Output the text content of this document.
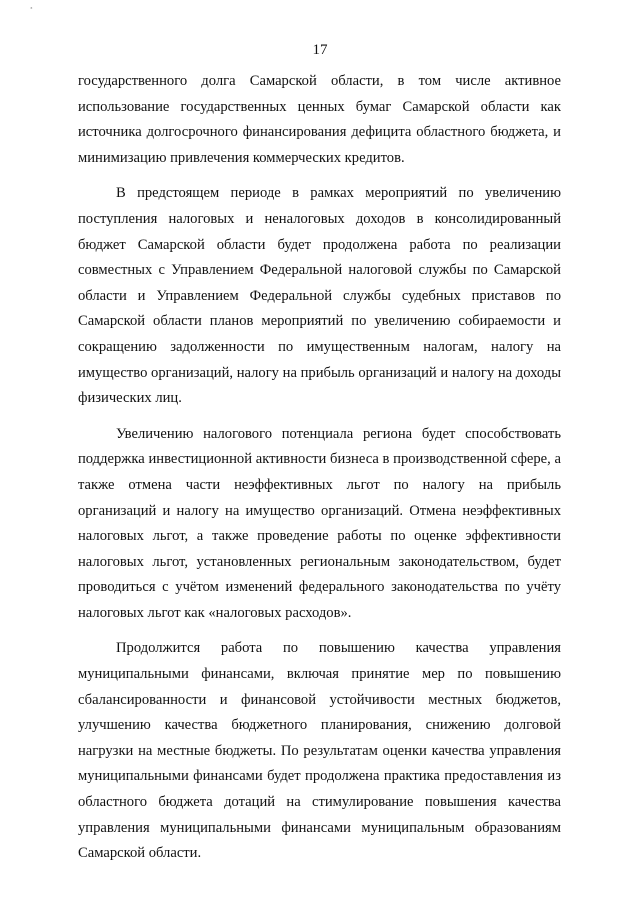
ﾞ
17

государственного долга Самарской области, в том числе активное использование государственных ценных бумаг Самарской области как источника долгосрочного финансирования дефицита областного бюджета, и минимизацию привлечения коммерческих кредитов.

В предстоящем периоде в рамках мероприятий по увеличению поступления налоговых и неналоговых доходов в консолидированный бюджет Самарской области будет продолжена работа по реализации совместных с Управлением Федеральной налоговой службы по Самарской области и Управлением Федеральной службы судебных приставов по Самарской области планов мероприятий по увеличению собираемости и сокращению задолженности по имущественным налогам, налогу на имущество организаций, налогу на прибыль организаций и налогу на доходы физических лиц.

Увеличению налогового потенциала региона будет способствовать поддержка инвестиционной активности бизнеса в производственной сфере, а также отмена части неэффективных льгот по налогу на прибыль организаций и налогу на имущество организаций. Отмена неэффективных налоговых льгот, а также проведение работы по оценке эффективности налоговых льгот, установленных региональным законодательством, будет проводиться с учётом изменений федерального законодательства по учёту налоговых льгот как «налоговых расходов».

Продолжится работа по повышению качества управления муниципальными финансами, включая принятие мер по повышению сбалансированности и финансовой устойчивости местных бюджетов, улучшению качества бюджетного планирования, снижению долговой нагрузки на местные бюджеты. По результатам оценки качества управления муниципальными финансами будет продолжена практика предоставления из областного бюджета дотаций на стимулирование повышения качества управления муниципальными финансами муниципальным образованиям Самарской области.
